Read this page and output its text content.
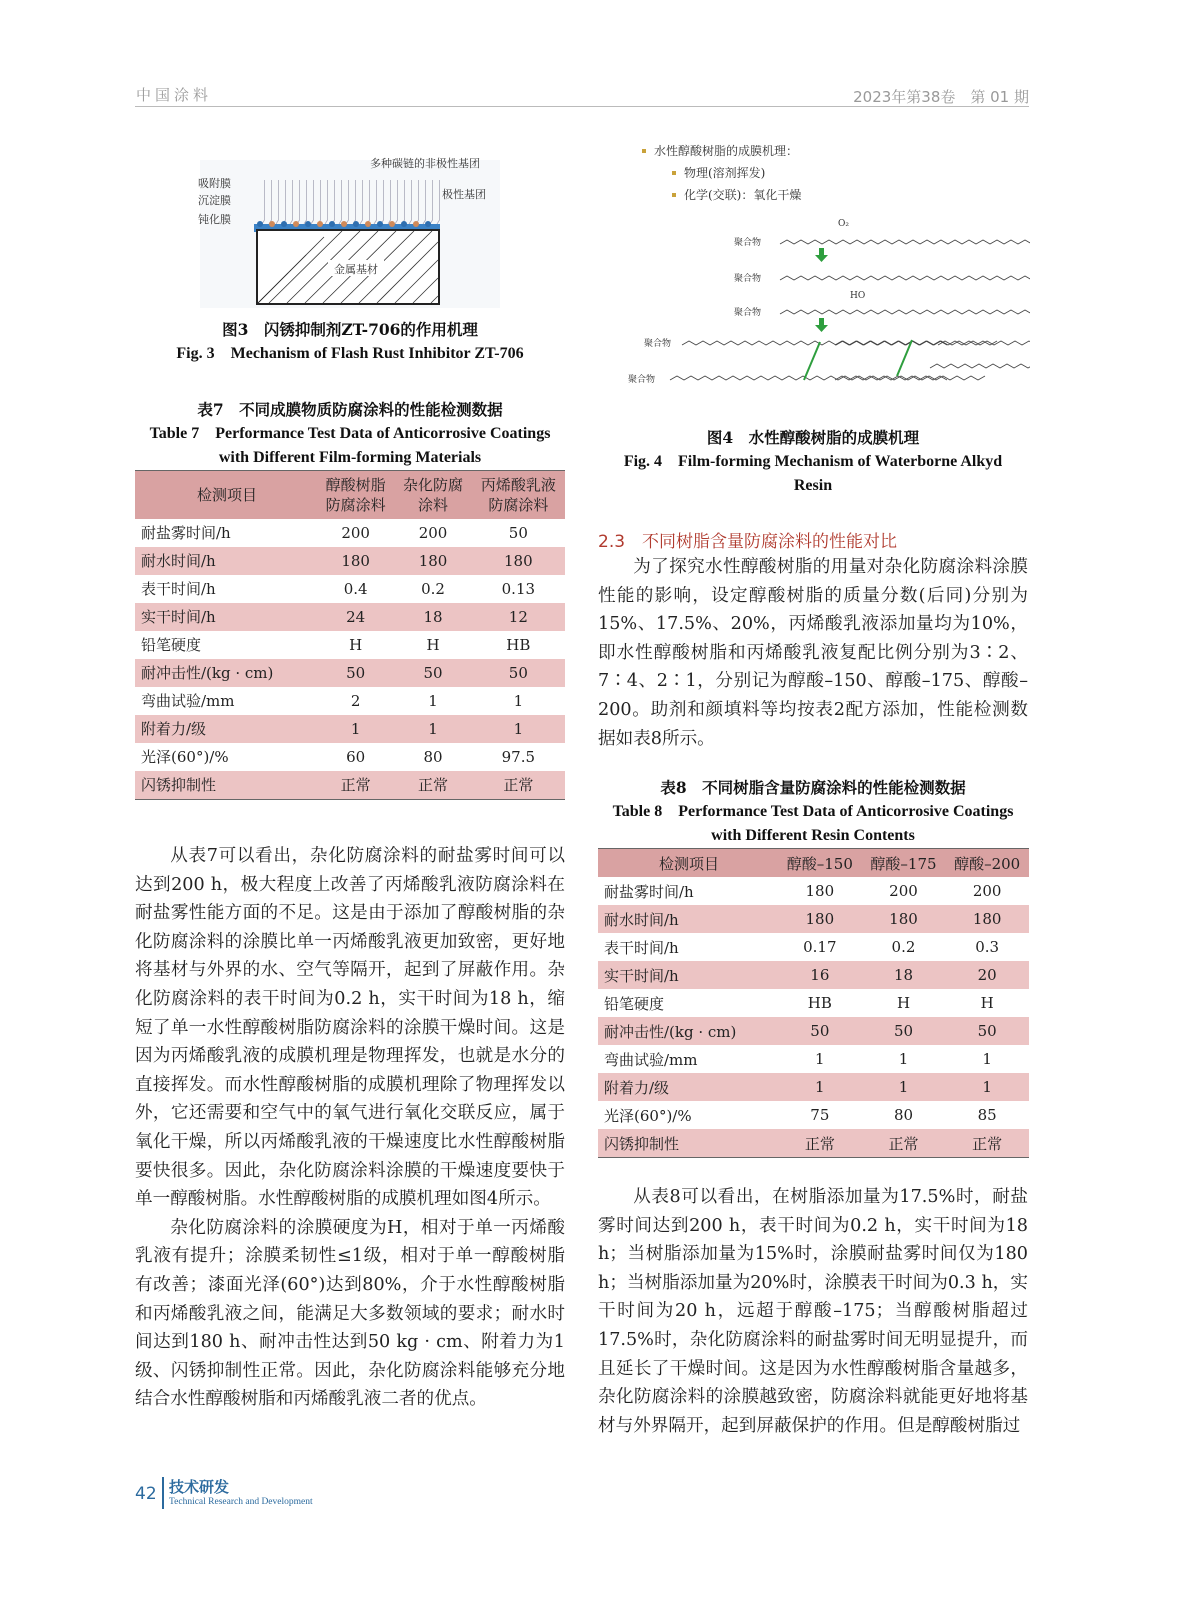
中国涂料	2023年第38卷　第 01 期
金属基材
多种碳链的非极性基团
吸附膜
沉淀膜
钝化膜
极性基团
图3　闪锈抑制剂ZT-706的作用机理
Fig. 3　Mechanism of Flash Rust Inhibitor ZT-706
表7　不同成膜物质防腐涂料的性能检测数据
Table 7　Performance Test Data of Anticorrosive Coatings with Different Film-forming Materials
检测项目	醇酸树脂防腐涂料	杂化防腐涂料	丙烯酸乳液防腐涂料
耐盐雾时间/h	200	200	50
耐水时间/h	180	180	180
表干时间/h	0.4	0.2	0.13
实干时间/h	24	18	12
铅笔硬度	H	H	HB
耐冲击性/(kg · cm)	50	50	50
弯曲试验/mm	2	1	1
附着力/级	1	1	1
光泽(60°)/%	60	80	97.5
闪锈抑制性	正常	正常	正常

从表7可以看出，杂化防腐涂料的耐盐雾时间可以达到200 h，极大程度上改善了丙烯酸乳液防腐涂料在耐盐雾性能方面的不足。这是由于添加了醇酸树脂的杂化防腐涂料的涂膜比单一丙烯酸乳液更加致密，更好地将基材与外界的水、空气等隔开，起到了屏蔽作用。杂化防腐涂料的表干时间为0.2 h，实干时间为18 h，缩短了单一水性醇酸树脂防腐涂料的涂膜干燥时间。这是因为丙烯酸乳液的成膜机理是物理挥发，也就是水分的直接挥发。而水性醇酸树脂的成膜机理除了物理挥发以外，它还需要和空气中的氧气进行氧化交联反应，属于氧化干燥，所以丙烯酸乳液的干燥速度比水性醇酸树脂要快很多。因此，杂化防腐涂料涂膜的干燥速度要快于单一醇酸树脂。水性醇酸树脂的成膜机理如图4所示。

杂化防腐涂料的涂膜硬度为H，相对于单一丙烯酸乳液有提升；涂膜柔韧性≤1级，相对于单一醇酸树脂有改善；漆面光泽(60°)达到80%，介于水性醇酸树脂和丙烯酸乳液之间，能满足大多数领域的要求；耐水时间达到180 h、耐冲击性达到50 kg · cm、附着力为1级、闪锈抑制性正常。因此，杂化防腐涂料能够充分地结合水性醇酸树脂和丙烯酸乳液二者的优点。

水性醇酸树脂的成膜机理：
物理(溶剂挥发)
化学(交联)：氧化干燥
聚合物
O₂
聚合物
聚合物
HO
聚合物
聚合物
图4　水性醇酸树脂的成膜机理
Fig. 4　Film-forming Mechanism of Waterborne Alkyd Resin
2.3　不同树脂含量防腐涂料的性能对比

为了探究水性醇酸树脂的用量对杂化防腐涂料涂膜性能的影响，设定醇酸树脂的质量分数(后同)分别为15%、17.5%、20%，丙烯酸乳液添加量均为10%，即水性醇酸树脂和丙烯酸乳液复配比例分别为3∶2、7∶4、2∶1，分别记为醇酸–150、醇酸–175、醇酸–200。助剂和颜填料等均按表2配方添加，性能检测数据如表8所示。

表8　不同树脂含量防腐涂料的性能检测数据
Table 8　Performance Test Data of Anticorrosive Coatings with Different Resin Contents
检测项目	醇酸–150	醇酸–175	醇酸–200
耐盐雾时间/h	180	200	200
耐水时间/h	180	180	180
表干时间/h	0.17	0.2	0.3
实干时间/h	16	18	20
铅笔硬度	HB	H	H
耐冲击性/(kg · cm)	50	50	50
弯曲试验/mm	1	1	1
附着力/级	1	1	1
光泽(60°)/%	75	80	85
闪锈抑制性	正常	正常	正常

从表8可以看出，在树脂添加量为17.5%时，耐盐雾时间达到200 h，表干时间为0.2 h，实干时间为18 h；当树脂添加量为15%时，涂膜耐盐雾时间仅为180 h；当树脂添加量为20%时，涂膜表干时间为0.3 h，实干时间为20 h，远超于醇酸–175；当醇酸树脂超过17.5%时，杂化防腐涂料的耐盐雾时间无明显提升，而且延长了干燥时间。这是因为水性醇酸树脂含量越多，杂化防腐涂料的涂膜越致密，防腐涂料就能更好地将基材与外界隔开，起到屏蔽保护的作用。但是醇酸树脂过

42 技术研发
Technical Research and Development
